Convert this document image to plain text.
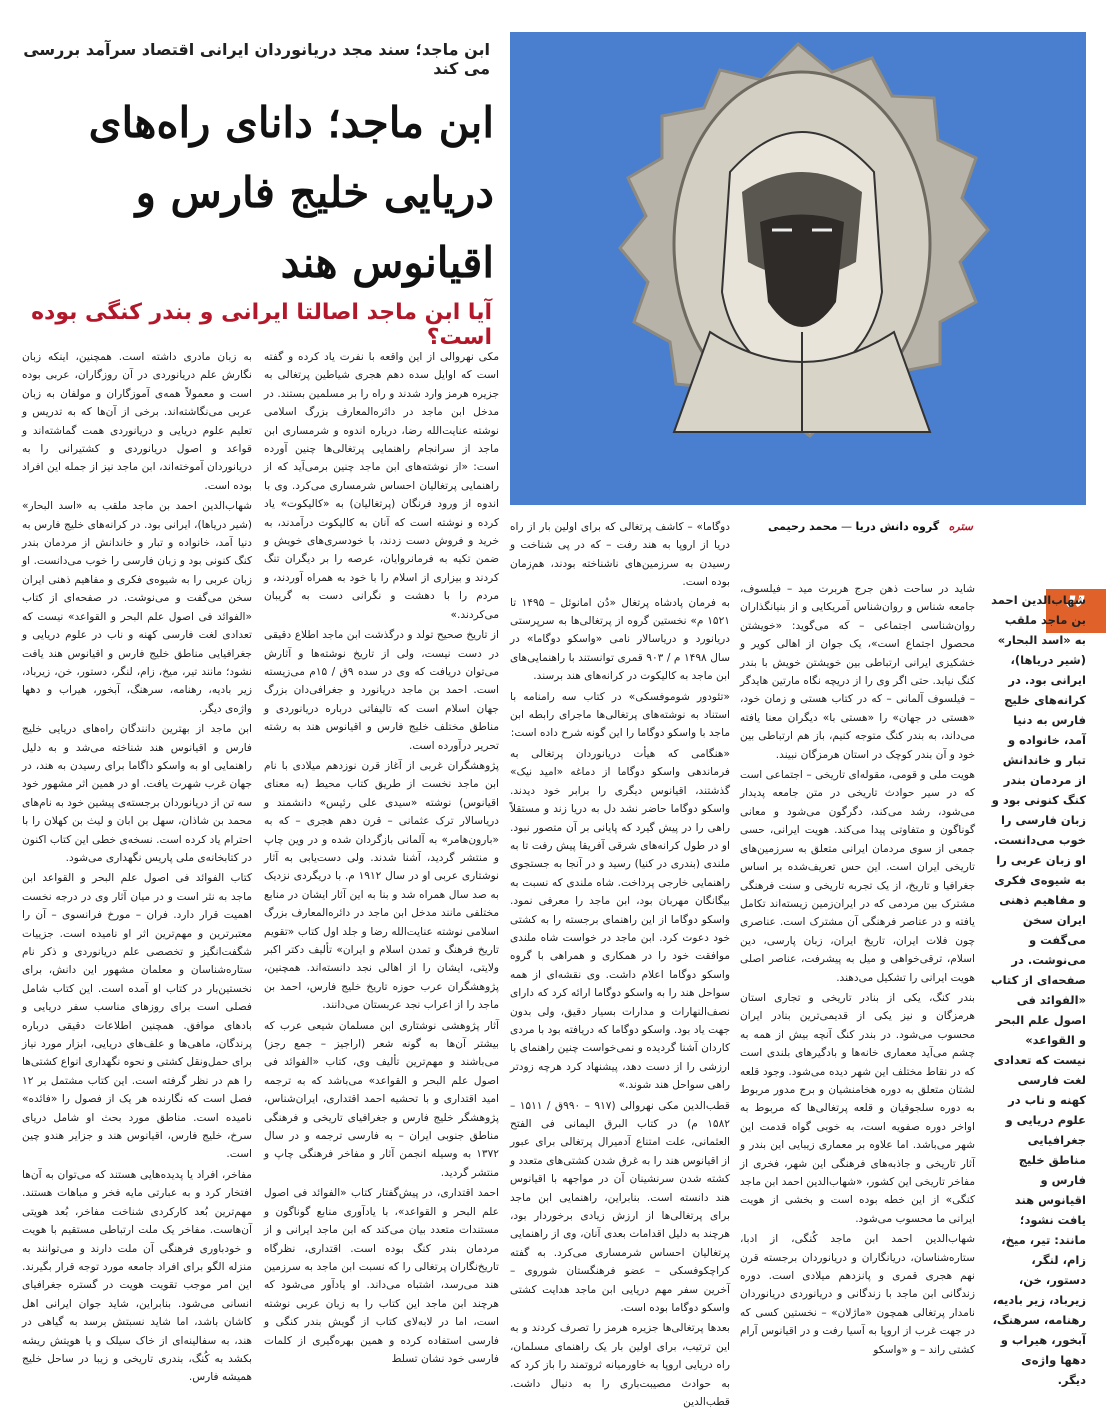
ابن ماجد؛ سند مجد دریانوردان ایرانی اقتصاد سرآمد بررسی می کند
ابن ماجد؛ دانای راه‌های دریایی خلیج فارس و اقیانوس هند
آیا ابن ماجد اصالتا ایرانی و بندر کنگی بوده است؟
ستره گروه دانش دریا — محمد رحیمی
”
شهاب‌الدین احمد بن ماجد ملقب به «اسد البحار» (شیر دریاها)، ایرانی بود. در کرانه‌های خلیج فارس به دنیا آمد، خانواده و تبار و خاندانش از مردمان بندر کنگ کنونی بود و زبان فارسی را خوب می‌دانست. او زبان عربی را به شیوه‌ی فکری و مفاهیم ذهنی ایران سخن می‌گفت و می‌نوشت. در صفحه‌ای از کتاب «الفوائد فی اصول علم البحر و القواعد» نیست که تعدادی لغت فارسی کهنه و ناب در علوم دریایی و جغرافیایی مناطق خلیج فارس و اقیانوس هند یافت نشود؛ مانند: تیر، میخ، زام، لنگر، دستور، خن، زیرباد، زیر بادیه، رهنامه، سرهنگ، آبخور، هیراب و دهها واژه‌ی دیگر.

به زبان مادری داشته است. همچنین، اینکه زبان نگارش علم دریانوردی در آن روزگاران، عربی بوده است و معمولاً همه‌ی آموزگاران و مولفان به زبان عربی می‌نگاشته‌اند. برخی از آن‌ها که به تدریس و تعلیم علوم دریایی و دریانوردی همت گماشته‌اند و قواعد و اصول دریانوردی و کشتیرانی را به دریانوردان آموخته‌اند، ابن ماجد نیز از جمله این افراد بوده است.

شهاب‌الدین احمد بن ماجد ملقب به «اسد البحار» (شیر دریاها)، ایرانی بود. در کرانه‌های خلیج فارس به دنیا آمد، خانواده و تبار و خاندانش از مردمان بندر کنگ کنونی بود و زبان فارسی را خوب می‌دانست. او زبان عربی را به شیوه‌ی فکری و مفاهیم ذهنی ایران سخن می‌گفت و می‌نوشت. در صفحه‌ای از کتاب «الفوائد فی اصول علم البحر و القواعد» نیست که تعدادی لغت فارسی کهنه و ناب در علوم دریایی و جغرافیایی مناطق خلیج فارس و اقیانوس هند یافت نشود؛ مانند تیر، میخ، زام، لنگر، دستور، خن، زیرباد، زیر بادیه، رهنامه، سرهنگ، آبخور، هیراب و دهها واژه‌ی دیگر.

ابن ماجد از بهترین دانندگان راه‌های دریایی خلیج فارس و اقیانوس هند شناخته می‌شد و به دلیل راهنمایی او به واسکو داگاما برای رسیدن به هند، در جهان غرب شهرت یافت. او در همین اثر مشهور خود سه تن از دریانوردان برجسته‌ی پیشین خود به نام‌های محمد بن شاذان، سهل بن ابان و لیث بن کهلان را با احترام یاد کرده است. نسخه‌ی خطی این کتاب اکنون در کتابخانه‌ی ملی پاریس نگهداری می‌شود.

کتاب الفوائد فی اصول علم البحر و القواعد ابن ماجد به نثر است و در میان آثار وی در درجه نخست اهمیت قرار دارد. فران – مورخ فرانسوی – آن را معتبرترین و مهم‌ترین اثر او نامیده است. جزییات شگفت‌انگیز و تخصصی علم دریانوردی و ذکر نام ستاره‌شناسان و معلمان مشهور این دانش، برای نخستین‌بار در کتاب او آمده است. این کتاب شامل فصلی است برای روزهای مناسب سفر دریایی و بادهای موافق. همچنین اطلاعات دقیقی درباره پرندگان، ماهی‌ها و علف‌های دریایی، ابزار مورد نیاز برای حمل‌ونقل کشتی و نحوه نگهداری انواع کشتی‌ها را هم در نظر گرفته است. این کتاب مشتمل بر ۱۲ فصل است که نگارنده هر یک از فصول را «فائده» نامیده است. مناطق مورد بحث او شامل دریای سرخ، خلیج فارس، اقیانوس هند و جزایر هندو چین است.

مفاخر، افراد یا پدیده‌هایی هستند که می‌توان به آن‌ها افتخار کرد و به عبارتی مایه فخر و مباهات هستند. مهم‌ترین بُعد کارکردی شناخت مفاخر، بُعد هویتی آن‌هاست. مفاخر یک ملت ارتباطی مستقیم با هویت و خودباوری فرهنگی آن ملت دارند و می‌توانند به منزله الگو برای افراد جامعه مورد توجه قرار بگیرند. این امر موجب تقویت هویت در گستره جغرافیای انسانی می‌شود. بنابراین، شاید جوان ایرانی اهل کاشان باشد، اما شاید نسبتش برسد به گیاهی در هند، به سفالینه‌ای از خاک سیلک و یا هویتش ریشه بکشد به کُنگ، بندری تاریخی و زیبا در ساحل خلیج همیشه فارس.

مکی نهروالی از این واقعه با نفرت یاد کرده و گفته است که اوایل سده دهم هجری شیاطین پرتغالی به جزیره هرمز وارد شدند و راه را بر مسلمین بستند. در مدخل ابن ماجد در دائره‌المعارف بزرگ اسلامی نوشته عنایت‌الله رضا، درباره اندوه و شرمساری ابن ماجد از سرانجام راهنمایی پرتغالی‌ها چنین آورده است: «از نوشته‌های ابن ماجد چنین برمی‌آید که از راهنمایی پرتغالیان احساس شرمساری می‌کرد. وی با اندوه از ورود فرنگان (پرتغالیان) به «کالیکوت» یاد کرده و نوشته است که آنان به کالیکوت درآمدند، به خرید و فروش دست زدند، با خودسری‌های خویش و ضمن تکیه به فرمانروایان، عرصه را بر دیگران تنگ کردند و بیزاری از اسلام را با خود به همراه آوردند، و مردم را با دهشت و نگرانی دست به گریبان می‌کردند.»

از تاریخ صحیح تولد و درگذشت ابن ماجد اطلاع دقیقی در دست نیست، ولی از تاریخ نوشته‌ها و آثارش می‌توان دریافت که وی در سده ۹ق / ۱۵م می‌زیسته است. احمد بن ماجد دریانورد و جغرافی‌دان بزرگ جهان اسلام است که تالیفاتی درباره دریانوردی و مناطق مختلف خلیج فارس و اقیانوس هند به رشته تحریر درآورده است.

پژوهشگران غربی از آغاز قرن نوزدهم میلادی با نام ابن ماجد نخست از طریق کتاب محیط (به معنای اقیانوس) نوشته «سیدی علی رئیس» دانشمند و دریاسالار ترک عثمانی – قرن دهم هجری – که به «بارون‌هامر» به آلمانی بازگردان شده و در وین چاپ و منتشر گردید، آشنا شدند. ولی دست‌یابی به آثار نوشتاری عربی او در سال ۱۹۱۲ م. با دریگردی نزدیک به صد سال همراه شد و بنا به این آثار ایشان در منابع مختلفی مانند مدخل ابن ماجد در دائره‌المعارف بزرگ اسلامی نوشته عنایت‌الله رضا و جلد اول کتاب «تقویم تاریخ فرهنگ و تمدن اسلام و ایران» تألیف دکتر اکبر ولایتی، ایشان را از اهالی نجد دانسته‌اند. همچنین، پژوهشگران عرب حوزه تاریخ خلیج فارس، احمد بن ماجد را از اعراب نجد عربستان می‌دانند.

آثار پژوهشی نوشتاری ابن مسلمان شیعی عرب که بیشتر آن‌ها به گونه شعر (اراجیز – جمع رجز) می‌باشند و مهم‌ترین تألیف وی، کتاب «الفوائد فی اصول علم البحر و القواعد» می‌باشد که به ترجمه امید اقتداری و با تحشیه احمد اقتداری، ایران‌شناس، پژوهشگر خلیج فارس و جغرافیای تاریخی و فرهنگی مناطق جنوبی ایران – به فارسی ترجمه و در سال ۱۳۷۲ به وسیله انجمن آثار و مفاخر فرهنگی چاپ و منتشر گردید.

احمد اقتداری، در پیش‌گفتار کتاب «الفوائد فی اصول علم البحر و القواعد»، با یادآوری منابع گوناگون و مستندات متعدد بیان می‌کند که ابن ماجد ایرانی و از مردمان بندر کنگ بوده است. اقتداری، نظرگاه تاریخ‌نگاران پرتغالی را که نسبت ابن ماجد به سرزمین هند می‌رسد، اشتباه می‌داند. او یادآور می‌شود که هرچند ابن ماجد این کتاب را به زبان عربی نوشته است، اما در لابه‌لای کتاب از گویش بندر کنگی و فارسی استفاده کرده و همین بهره‌گیری از کلمات فارسی خود نشان تسلط

دوگاما» – کاشف پرتغالی که برای اولین بار از راه دریا از اروپا به هند رفت – که در پی شناخت و رسیدن به سرزمین‌های ناشناخته بودند، هم‌زمان بوده است.

به فرمان پادشاه پرتغال «دُن امانوئل – ۱۴۹۵ تا ۱۵۲۱ م» نخستین گروه از پرتغالی‌ها به سرپرستی دریانورد و دریاسالار نامی «واسکو دوگاما» در سال ۱۴۹۸ م / ۹۰۳ قمری توانستند با راهنمایی‌های ابن ماجد به کالیکوت در کرانه‌های هند برسند.

«تئودور شوموفسکی» در کتاب سه رامنامه با استناد به نوشته‌های پرتغالی‌ها ماجرای رابطه ابن ماجد با واسکو دوگاما را این گونه شرح داده است:

«هنگامی که هیأت دریانوردان پرتغالی به فرماندهی واسکو دوگاما از دماغه «امید نیک» گذشتند، اقیانوس دیگری را برابر خود دیدند. واسکو دوگاما حاضر نشد دل به دریا زند و مستقلاً راهی را در پیش گیرد که پایانی بر آن متصور نبود. او در طول کرانه‌های شرقی آفریقا پیش رفت تا به ملندی (بندری در کنیا) رسید و در آنجا به جستجوی راهنمایی خارجی پرداخت. شاه ملندی که نسبت به بیگانگان مهربان بود، ابن ماجد را معرفی نمود. واسکو دوگاما از این راهنمای برجسته را به کشتی خود دعوت کرد. ابن ماجد در خواست شاه ملندی موافقت خود را در همکاری و همراهی با گروه واسکو دوگاما اعلام داشت. وی نقشه‌ای از همه سواحل هند را به واسکو دوگاما ارائه کرد که دارای نصف‌النهارات و مدارات بسیار دقیق، ولی بدون جهت یاد بود. واسکو دوگاما که دریافته بود با مردی کاردان آشنا گردیده و نمی‌خواست چنین راهنمای با ارزشی را از دست دهد، پیشنهاد کرد هرچه زودتر راهی سواحل هند شوند.»

قطب‌الدین مکی نهروالی (۹۱۷ – ۹۹۰ق / ۱۵۱۱ – ۱۵۸۲ م) در کتاب البرق الیمانی فی الفتح العثمانی، علت امتناع آدمیرال پرتغالی برای عبور از اقیانوس هند را به غرق شدن کشتی‌های متعدد و کشته شدن سرنشینان آن در مواجهه با اقیانوس هند دانسته است. بنابراین، راهنمایی ابن ماجد برای پرتغالی‌ها از ارزش زیادی برخوردار بود، هرچند به دلیل اقدامات بعدی آنان، وی از راهنمایی پرتغالیان احساس شرمساری می‌کرد. به گفته کراچکوفسکی – عضو فرهنگستان شوروی – آخرین سفر مهم دریایی ابن ماجد هدایت کشتی واسکو دوگاما بوده است.

بعدها پرتغالی‌ها جزیره هرمز را تصرف کردند و به این ترتیب، برای اولین بار یک راهنمای مسلمان، راه دریایی اروپا به خاورمیانه ثروتمند را باز کرد که به حوادث مصیبت‌باری را به دنبال داشت. قطب‌الدین

شاید در ساحت ذهن جرج هربرت مید – فیلسوف، جامعه شناس و روان‌شناس آمریکایی و از بنیانگذاران روان‌شناسی اجتماعی – که می‌گوید: «خویشتن محصول اجتماع است»، یک جوان از اهالی کویر و خشکیزی ایرانی ارتباطی بین خویشتن خویش با بندر کنگ نیابد. حتی اگر وی را از دریچه نگاه مارتین هایدگر – فیلسوف آلمانی – که در کتاب هستی و زمان خود، «هستی در جهان» را «هستی با» دیگران معنا یافته می‌داند، به بندر کنگ متوجه کنیم، باز هم ارتباطی بین خود و آن بندر کوچک در استان هرمزگان نبیند.

هویت ملی و قومی، مقوله‌ای تاریخی – اجتماعی است که در سیر حوادث تاریخی در متن جامعه پدیدار می‌شود، رشد می‌کند، دگرگون می‌شود و معانی گوناگون و متفاوتی پیدا می‌کند. هویت ایرانی، حسی جمعی از سوی مردمان ایرانی متعلق به سرزمین‌های تاریخی ایران است. این حس تعریف‌شده بر اساس جغرافیا و تاریخ، از یک تجربه تاریخی و سنت فرهنگی مشترک بین مردمی که در ایران‌زمین زیسته‌اند تکامل یافته و در عناصر فرهنگی آن مشترک است. عناصری چون فلات ایران، تاریخ ایران، زبان پارسی، دین اسلام، ترقی‌خواهی و میل به پیشرفت، عناصر اصلی هویت ایرانی را تشکیل می‌دهند.

بندر کنگ، یکی از بنادر تاریخی و تجاری استان هرمزگان و نیز یکی از قدیمی‌ترین بنادر ایران محسوب می‌شود. در بندر کنگ آنچه بیش از همه به چشم می‌آید معماری خانه‌ها و بادگیرهای بلندی است که در نقاط مختلف این شهر دیده می‌شود. وجود قلعه لشتان متعلق به دوره هخامنشیان و برج مدور مربوط به دوره سلجوقیان و قلعه پرتغالی‌ها که مربوط به اواخر دوره صفویه است، به خوبی گواه قدمت این شهر می‌باشد. اما علاوه بر معماری زیبایی این بندر و آثار تاریخی و جاذبه‌های فرهنگی این شهر، فخری از مفاخر تاریخی این کشور، «شهاب‌الدین احمد ابن ماجد کنگی» از این خطه بوده است و بخشی از هویت ایرانی ما محسوب می‌شود.

شهاب‌الدین احمد ابن ماجد کُنگی، از ادبا، ستاره‌شناسان، دریانگاران و دریانوردان برجسته قرن نهم هجری قمری و پانزدهم میلادی است. دوره زندگانی ابن ماجد با زندگانی و دریانوردی دریانوردان نامدار پرتغالی همچون «ماژلان» – نخستین کسی که در جهت غرب از اروپا به آسیا رفت و در اقیانوس آرام کشتی راند – و «واسکو
